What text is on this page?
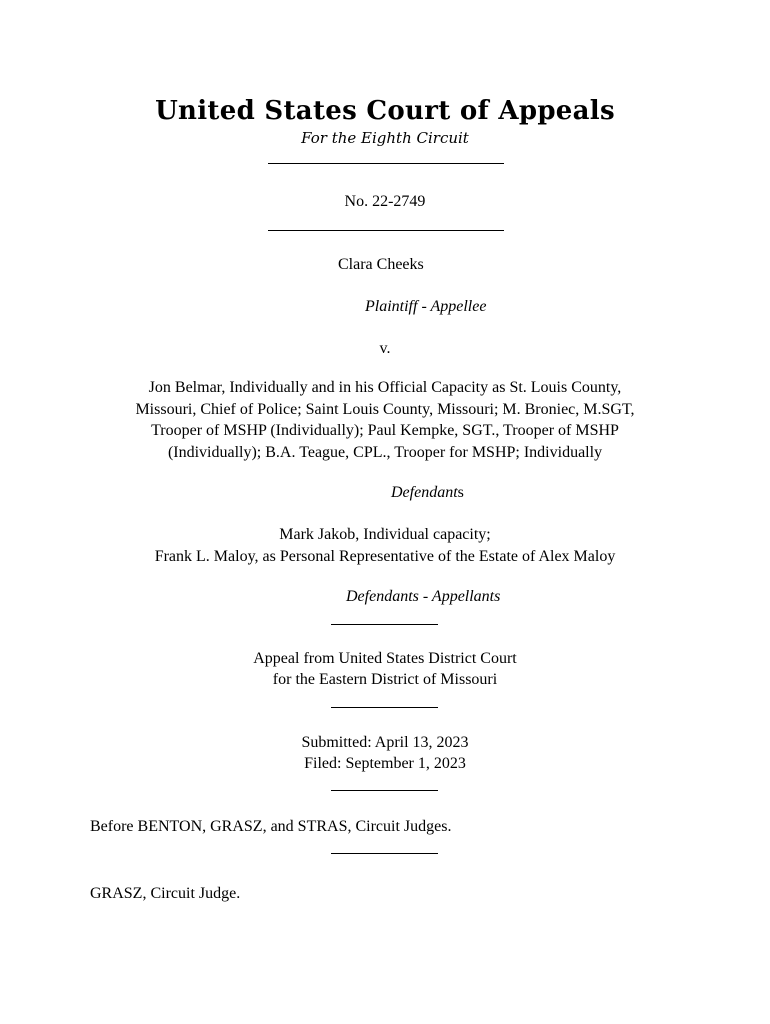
United States Court of Appeals
For the Eighth Circuit
No. 22-2749
Clara Cheeks
Plaintiff - Appellee
v.
Jon Belmar, Individually and in his Official Capacity as St. Louis County,
Missouri, Chief of Police; Saint Louis County, Missouri; M. Broniec, M.SGT,
Trooper of MSHP (Individually); Paul Kempke, SGT., Trooper of MSHP
(Individually); B.A. Teague, CPL., Trooper for MSHP; Individually
Defendants
Mark Jakob, Individual capacity;
Frank L. Maloy, as Personal Representative of the Estate of Alex Maloy
Defendants - Appellants
Appeal from United States District Court
for the Eastern District of Missouri
Submitted: April 13, 2023
Filed: September 1, 2023
Before BENTON, GRASZ, and STRAS, Circuit Judges.
GRASZ, Circuit Judge.
